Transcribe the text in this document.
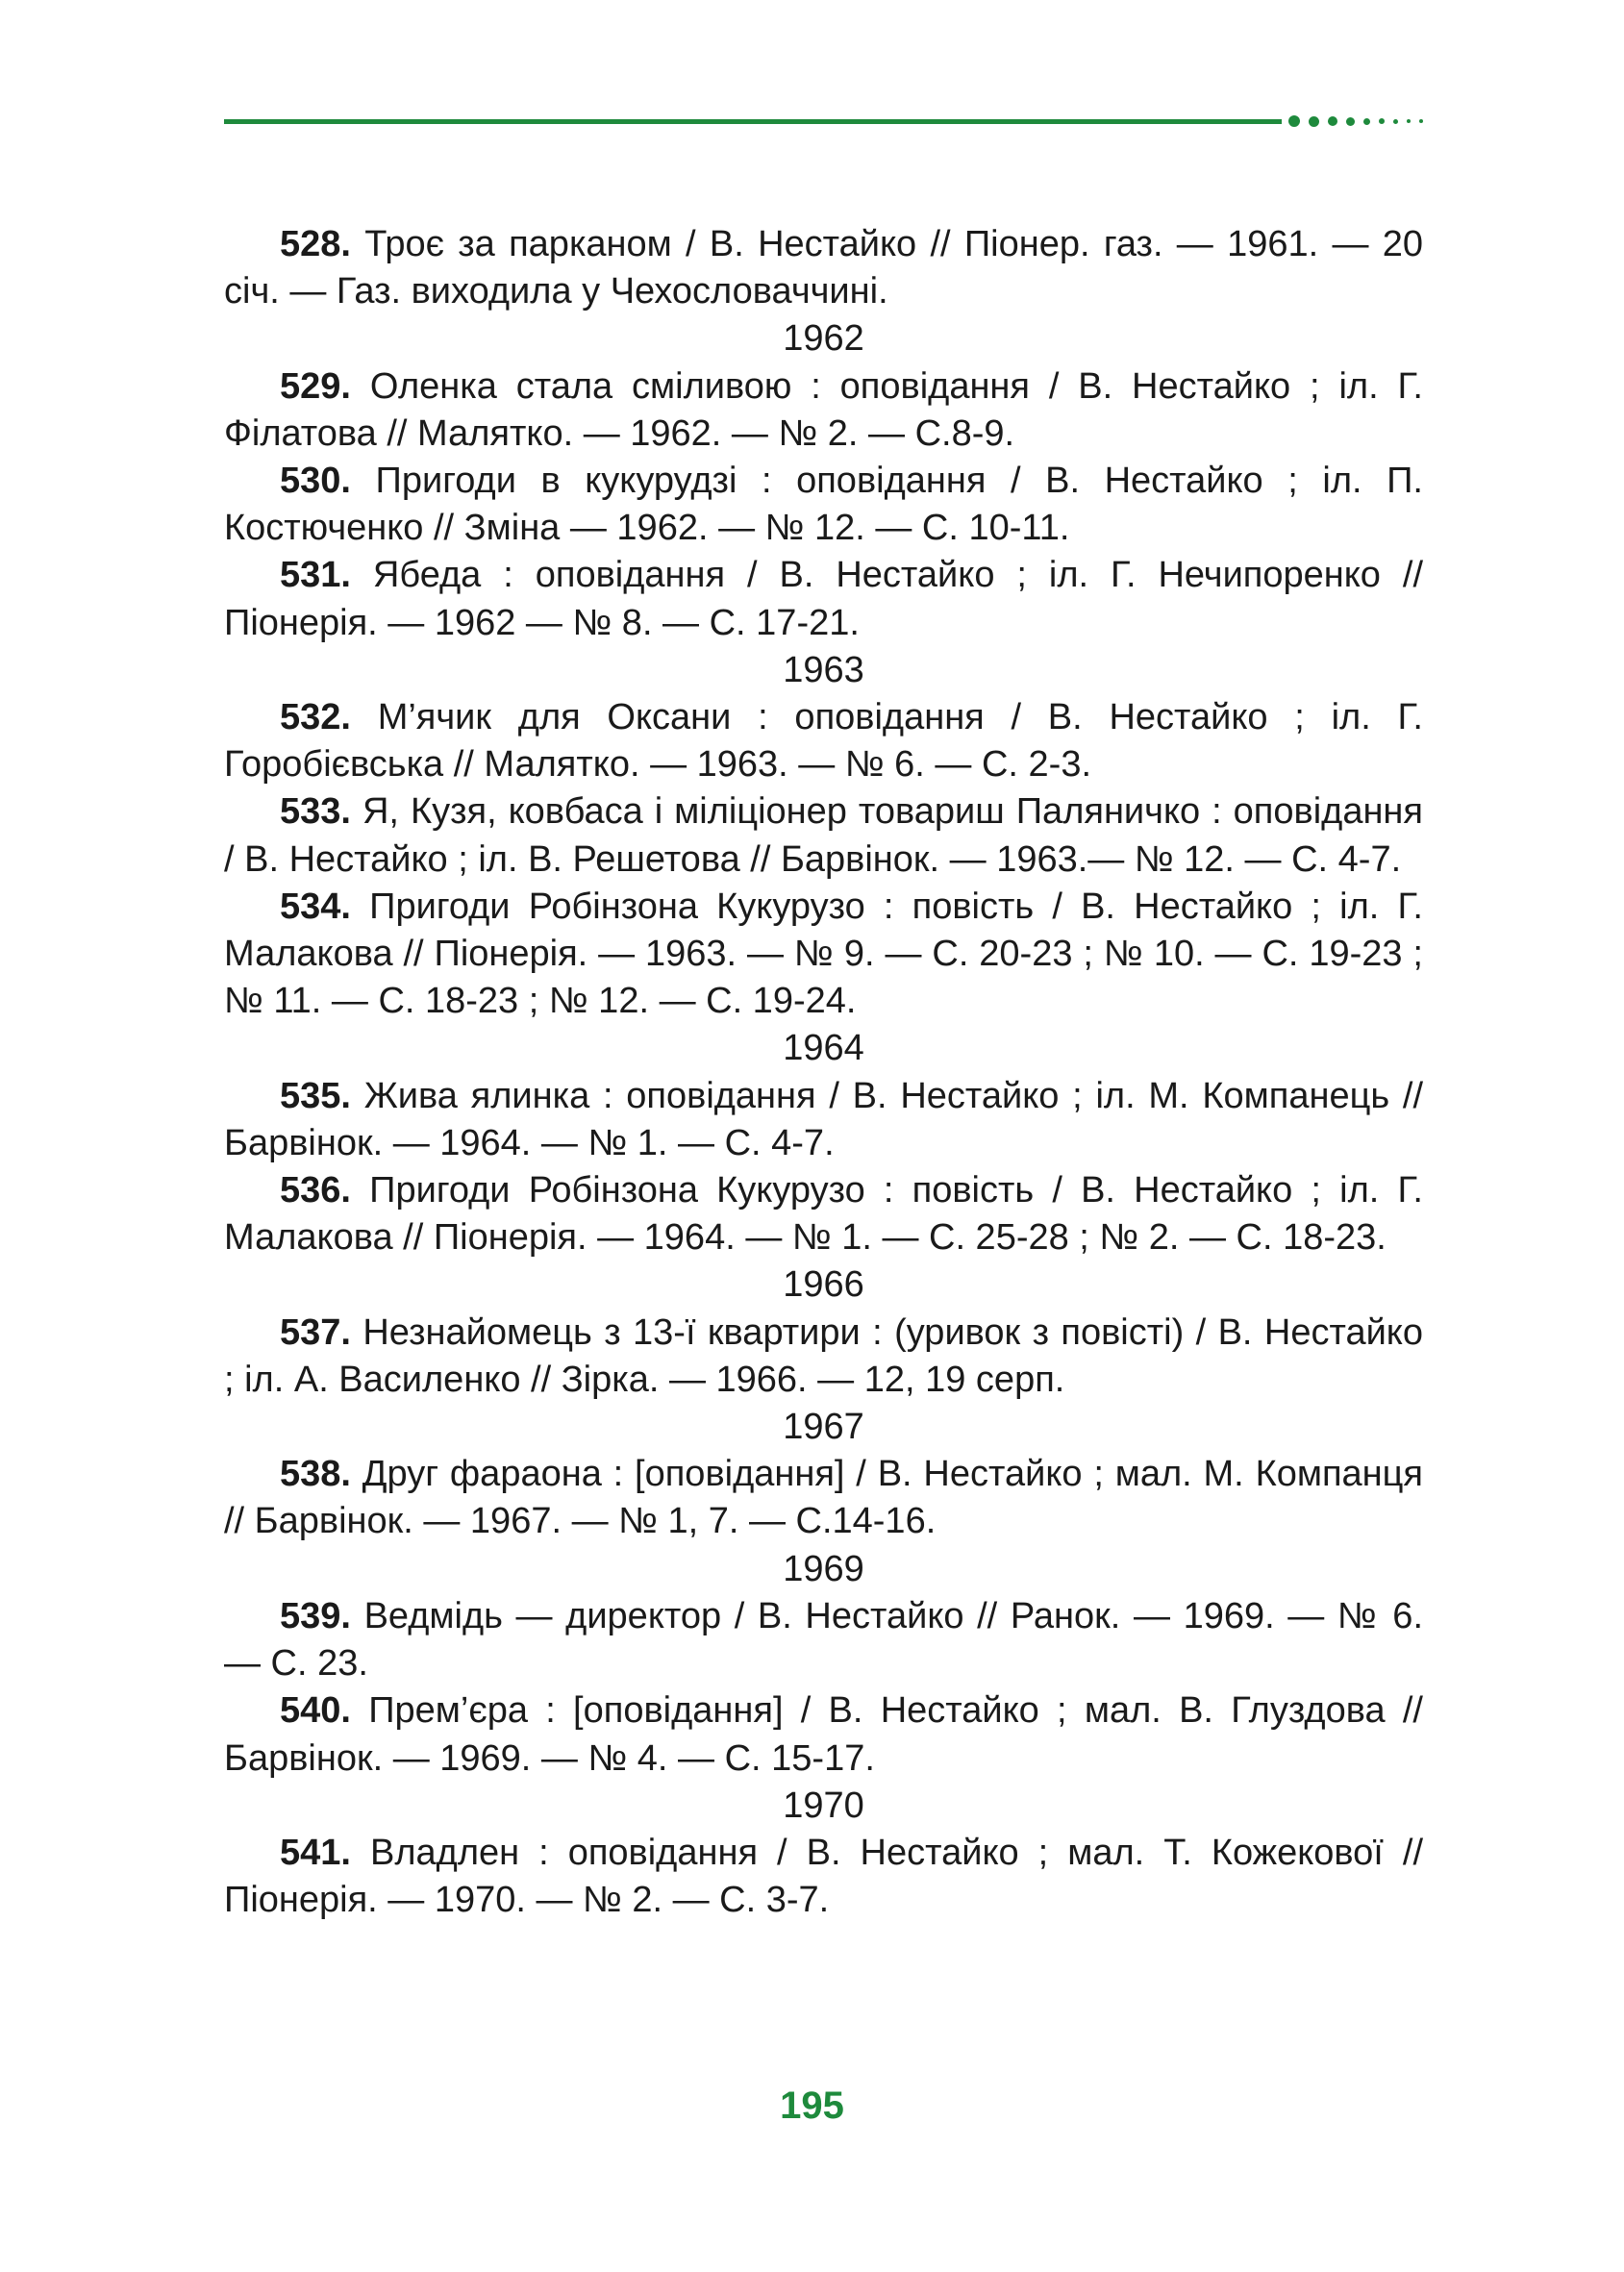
528. Троє за парканом / В. Нестайко // Піонер. газ. — 1961. — 20 січ. — Газ. виходила у Чехословаччині.

1962

529. Оленка стала сміливою : оповідання / В. Нестайко ; іл. Г. Філатова // Малятко. — 1962. — № 2. — С.8-9.

530. Пригоди в кукурудзі : оповідання / В. Нестайко ; іл. П. Костюченко // Зміна — 1962. — № 12. — С. 10-11.

531. Ябеда : оповідання / В. Нестайко ; іл. Г. Нечипоренко // Піонерія. — 1962 — № 8. — С. 17-21.

1963

532. М’ячик для Оксани : оповідання / В. Нестайко ; іл. Г. Горобієвська // Малятко. — 1963. — № 6. — С. 2-3.

533. Я, Кузя, ковбаса і міліціонер товариш Паляничко : оповідання / В. Нестайко ; іл. В. Решетова // Барвінок. — 1963.— № 12. — С. 4-7.

534. Пригоди Робінзона Кукурузо : повість / В. Нестайко ; іл. Г. Малакова // Піонерія. — 1963. — № 9. — С. 20-23 ; № 10. — С. 19-23 ; № 11. — С. 18-23 ; № 12. — С. 19-24.

1964

535. Жива ялинка : оповідання / В. Нестайко ; іл. М. Компанець // Барвінок. — 1964. — № 1. — С. 4-7.

536. Пригоди Робінзона Кукурузо : повість / В. Нестайко ; іл. Г. Малакова // Піонерія. — 1964. — № 1. — С. 25-28 ; № 2. — С. 18-23.

1966

537. Незнайомець з 13-ї квартири : (уривок з повісті) / В. Нестайко ; іл. А. Василенко // Зірка. — 1966. — 12, 19 серп.

1967

538. Друг фараона : [оповідання] / В. Нестайко ; мал. М. Компанця // Барвінок. — 1967. — № 1, 7. — С.14-16.

1969

539. Ведмідь — директор / В. Нестайко // Ранок. — 1969. — № 6. — С. 23.

540. Прем’єра : [оповідання] / В. Нестайко ; мал. В. Глуздова // Барвінок. — 1969. — № 4. — С. 15-17.

1970

541. Владлен : оповідання / В. Нестайко ; мал. Т. Кожекової // Піонерія. — 1970. — № 2. — С. 3-7.

195
